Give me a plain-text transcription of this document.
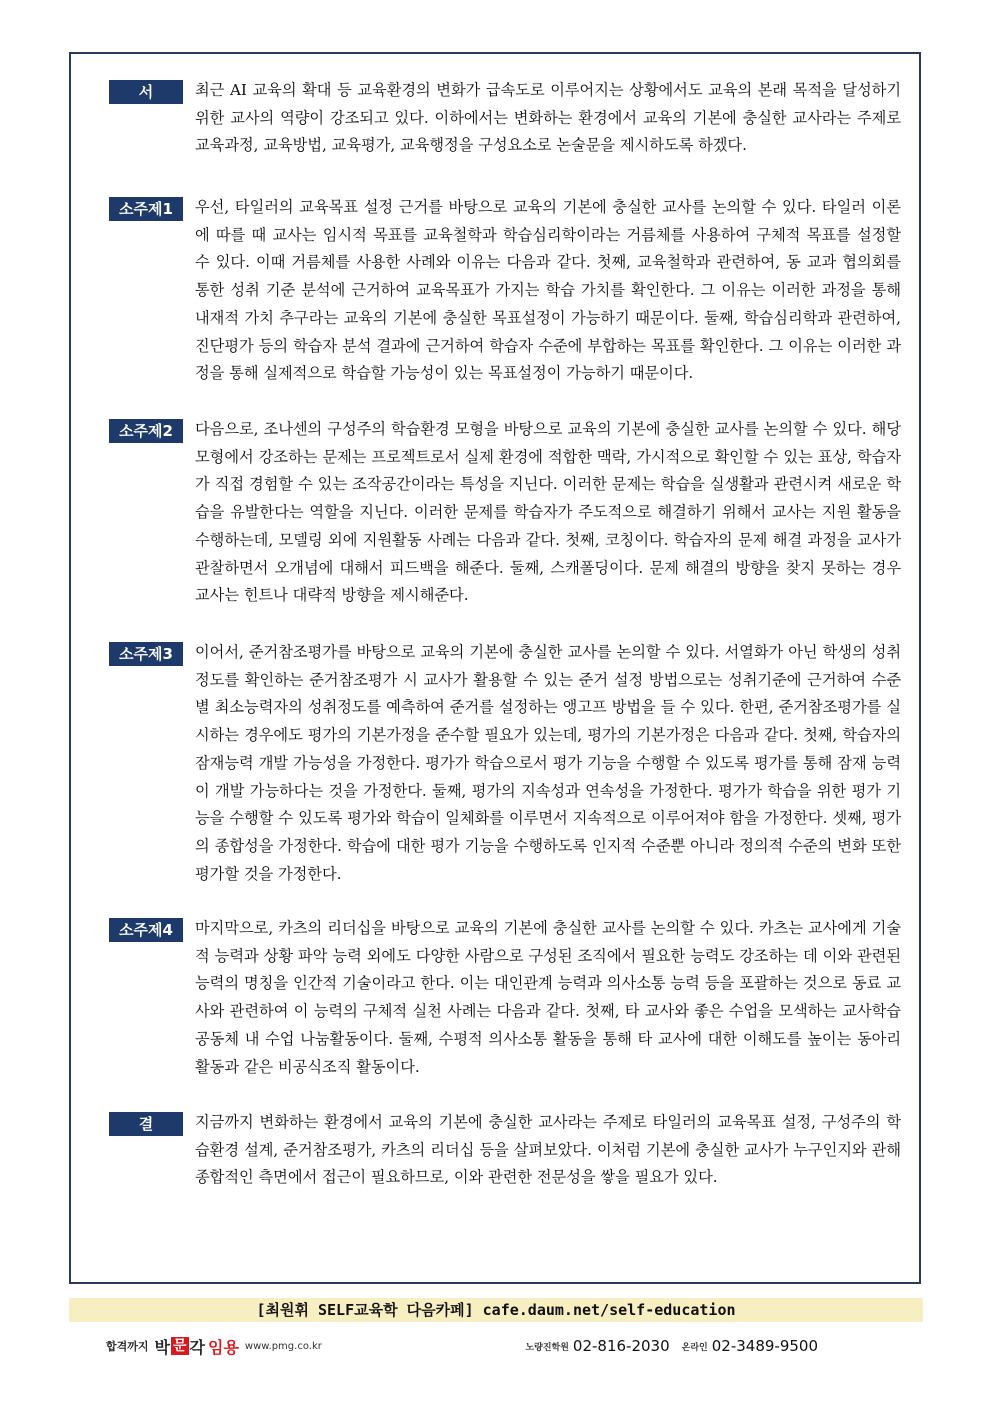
서 론
최근 AI 교육의 확대 등 교육환경의 변화가 급속도로 이루어지는 상황에서도 교육의 본래 목적을 달성하기 위한 교사의 역량이 강조되고 있다. 이하에서는 변화하는 환경에서 교육의 기본에 충실한 교사라는 주제로 교육과정, 교육방법, 교육평가, 교육행정을 구성요소로 논술문을 제시하도록 하겠다.
소주제1	우선, 타일러의 교육목표 설정 근거를 바탕으로 교육의 기본에 충실한 교사를 논의할 수 있다. 타일러 이론에 따를 때 교사는 임시적 목표를 교육철학과 학습심리학이라는 거름체를 사용하여 구체적 목표를 설정할 수 있다. 이때 거름체를 사용한 사례와 이유는 다음과 같다. 첫째, 교육철학과 관련하여, 동 교과 협의회를 통한 성취 기준 분석에 근거하여 교육목표가 가지는 학습 가치를 확인한다. 그 이유는 이러한 과정을 통해 내재적 가치 추구라는 교육의 기본에 충실한 목표설정이 가능하기 때문이다. 둘째, 학습심리학과 관련하여, 진단평가 등의 학습자 분석 결과에 근거하여 학습자 수준에 부합하는 목표를 확인한다. 그 이유는 이러한 과정을 통해 실제적으로 학습할 가능성이 있는 목표설정이 가능하기 때문이다.
소주제2	다음으로, 조나센의 구성주의 학습환경 모형을 바탕으로 교육의 기본에 충실한 교사를 논의할 수 있다. 해당 모형에서 강조하는 문제는 프로젝트로서 실제 환경에 적합한 맥락, 가시적으로 확인할 수 있는 표상, 학습자가 직접 경험할 수 있는 조작공간이라는 특성을 지닌다. 이러한 문제는 학습을 실생활과 관련시켜 새로운 학습을 유발한다는 역할을 지닌다. 이러한 문제를 학습자가 주도적으로 해결하기 위해서 교사는 지원 활동을 수행하는데, 모델링 외에 지원활동 사례는 다음과 같다. 첫째, 코칭이다. 학습자의 문제 해결 과정을 교사가 관찰하면서 오개념에 대해서 피드백을 해준다. 둘째, 스캐폴딩이다. 문제 해결의 방향을 찾지 못하는 경우 교사는 힌트나 대략적 방향을 제시해준다.
소주제3	이어서, 준거참조평가를 바탕으로 교육의 기본에 충실한 교사를 논의할 수 있다. 서열화가 아닌 학생의 성취 정도를 확인하는 준거참조평가 시 교사가 활용할 수 있는 준거 설정 방법으로는 성취기준에 근거하여 수준별 최소능력자의 성취정도를 예측하여 준거를 설정하는 앵고프 방법을 들 수 있다. 한편, 준거참조평가를 실시하는 경우에도 평가의 기본가정을 준수할 필요가 있는데, 평가의 기본가정은 다음과 같다. 첫째, 학습자의 잠재능력 개발 가능성을 가정한다. 평가가 학습으로서 평가 기능을 수행할 수 있도록 평가를 통해 잠재 능력이 개발 가능하다는 것을 가정한다. 둘째, 평가의 지속성과 연속성을 가정한다. 평가가 학습을 위한 평가 기능을 수행할 수 있도록 평가와 학습이 일체화를 이루면서 지속적으로 이루어져야 함을 가정한다. 셋째, 평가의 종합성을 가정한다. 학습에 대한 평가 기능을 수행하도록 인지적 수준뿐 아니라 정의적 수준의 변화 또한 평가할 것을 가정한다.
소주제4	마지막으로, 카츠의 리더십을 바탕으로 교육의 기본에 충실한 교사를 논의할 수 있다. 카츠는 교사에게 기술적 능력과 상황 파악 능력 외에도 다양한 사람으로 구성된 조직에서 필요한 능력도 강조하는 데 이와 관련된 능력의 명칭을 인간적 기술이라고 한다. 이는 대인관계 능력과 의사소통 능력 등을 포괄하는 것으로 동료 교사와 관련하여 이 능력의 구체적 실천 사례는 다음과 같다. 첫째, 타 교사와 좋은 수업을 모색하는 교사학습 공동체 내 수업 나눔활동이다. 둘째, 수평적 의사소통 활동을 통해 타 교사에 대한 이해도를 높이는 동아리 활동과 같은 비공식조직 활동이다.
결 론
지금까지 변화하는 환경에서 교육의 기본에 충실한 교사라는 주제로 타일러의 교육목표 설정, 구성주의 학습환경 설계, 준거참조평가, 카츠의 리더십 등을 살펴보았다. 이처럼 기본에 충실한 교사가 누구인지와 관해 종합적인 측면에서 접근이 필요하므로, 이와 관련한 전문성을 쌓을 필요가 있다.
[최원휘 SELF교육학 다음카페] cafe.daum.net/self-education
합격까지 박 문 각 임용 www.pmg.co.kr	노량진학원 02-816-2030 온라인 02-3489-9500
